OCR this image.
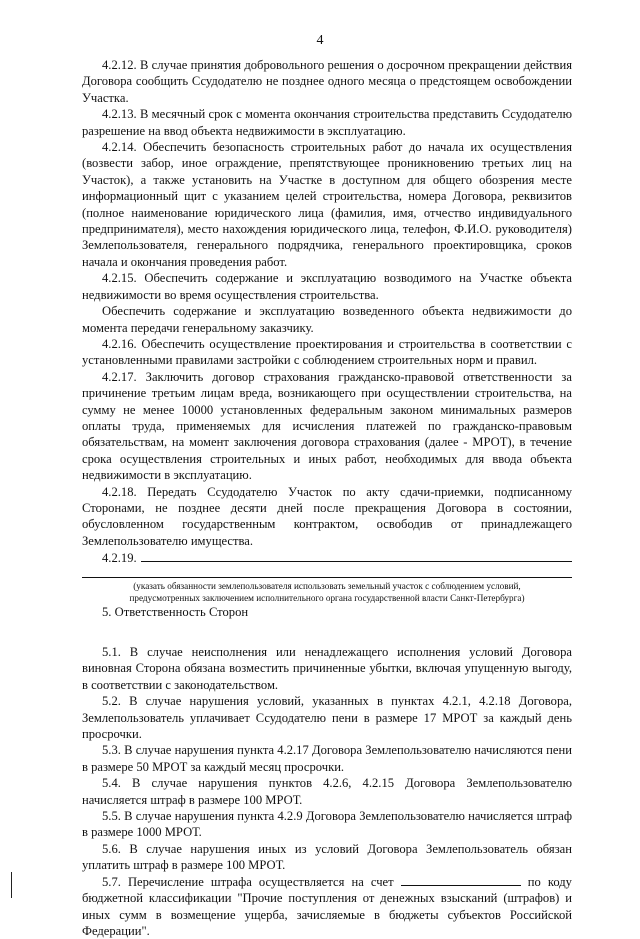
4

4.2.12. В случае принятия добровольного решения о досрочном прекращении действия Договора сообщить Ссудодателю не позднее одного месяца о предстоящем освобождении Участка.

4.2.13. В месячный срок с момента окончания строительства представить Ссудодателю разрешение на ввод объекта недвижимости в эксплуатацию.

4.2.14. Обеспечить безопасность строительных работ до начала их осуществления (возвести забор, иное ограждение, препятствующее проникновению третьих лиц на Участок), а также установить на Участке в доступном для общего обозрения месте информационный щит с указанием целей строительства, номера Договора, реквизитов (полное наименование юридического лица (фамилия, имя, отчество индивидуального предпринимателя), место нахождения юридического лица, телефон, Ф.И.О. руководителя) Землепользователя, генерального подрядчика, генерального проектировщика, сроков начала и окончания проведения работ.

4.2.15. Обеспечить содержание и эксплуатацию возводимого на Участке объекта недвижимости во время осуществления строительства.

Обеспечить содержание и эксплуатацию возведенного объекта недвижимости до момента передачи генеральному заказчику.

4.2.16. Обеспечить осуществление проектирования и строительства в соответствии с установленными правилами застройки с соблюдением строительных норм и правил.

4.2.17. Заключить договор страхования гражданско-правовой ответственности за причинение третьим лицам вреда, возникающего при осуществлении строительства, на сумму не менее 10000 установленных федеральным законом минимальных размеров оплаты труда, применяемых для исчисления платежей по гражданско-правовым обязательствам, на момент заключения договора страхования (далее - МРОТ), в течение срока осуществления строительных и иных работ, необходимых для ввода объекта недвижимости в эксплуатацию.

4.2.18. Передать Ссудодателю Участок по акту сдачи-приемки, подписанному Сторонами, не позднее десяти дней после прекращения Договора в состоянии, обусловленном государственным контрактом, освободив от принадлежащего Землепользователю имущества.

4.2.19.

(указать обязанности землепользователя использовать земельный участок с соблюдением условий,

предусмотренных заключением исполнительного органа государственной власти Санкт-Петербурга)

5. Ответственность Сторон

5.1. В случае неисполнения или ненадлежащего исполнения условий Договора виновная Сторона обязана возместить причиненные убытки, включая упущенную выгоду, в соответствии с законодательством.

5.2. В случае нарушения условий, указанных в пунктах 4.2.1, 4.2.18 Договора, Землепользователь уплачивает Ссудодателю пени в размере 17 МРОТ за каждый день просрочки.

5.3. В случае нарушения пункта 4.2.17 Договора Землепользователю начисляются пени в размере 50 МРОТ за каждый месяц просрочки.

5.4. В случае нарушения пунктов 4.2.6, 4.2.15 Договора Землепользователю начисляется штраф в размере 100 МРОТ.

5.5. В случае нарушения пункта 4.2.9 Договора Землепользователю начисляется штраф в размере 1000 МРОТ.

5.6. В случае нарушения иных из условий Договора Землепользователь обязан уплатить штраф в размере 100 МРОТ.

5.7. Перечисление штрафа осуществляется на счет	по коду бюджетной классификации "Прочие поступления от денежных взысканий (штрафов) и иных сумм в возмещение ущерба, зачисляемые в бюджеты субъектов Российской Федерации".
